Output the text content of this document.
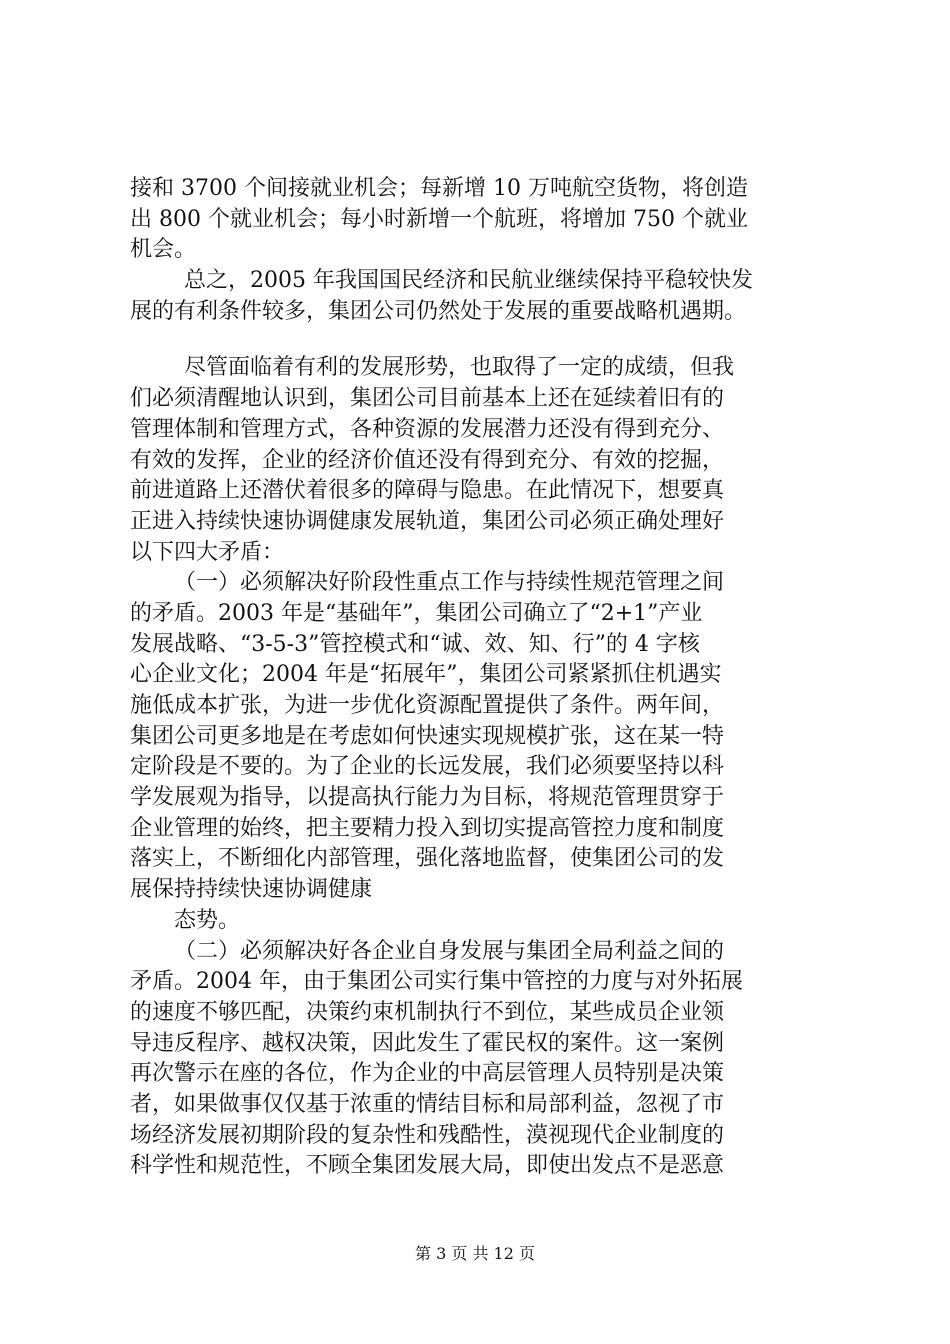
接和 3700 个间接就业机会；每新增 10 万吨航空货物，将创造
出 800 个就业机会；每小时新增一个航班，将增加 750 个就业
机会。
总之，2005 年我国国民经济和民航业继续保持平稳较快发
展的有利条件较多，集团公司仍然处于发展的重要战略机遇期。
尽管面临着有利的发展形势，也取得了一定的成绩，但我
们必须清醒地认识到，集团公司目前基本上还在延续着旧有的
管理体制和管理方式，各种资源的发展潜力还没有得到充分、
有效的发挥，企业的经济价值还没有得到充分、有效的挖掘，
前进道路上还潜伏着很多的障碍与隐患。在此情况下，想要真
正进入持续快速协调健康发展轨道，集团公司必须正确处理好
以下四大矛盾：
（一）必须解决好阶段性重点工作与持续性规范管理之间
的矛盾。2003 年是“基础年”，集团公司确立了“2+1”产业
发展战略、“3-5-3”管控模式和“诚、效、知、行”的 4 字核
心企业文化；2004 年是“拓展年”，集团公司紧紧抓住机遇实
施低成本扩张，为进一步优化资源配置提供了条件。两年间，
集团公司更多地是在考虑如何快速实现规模扩张，这在某一特
定阶段是不要的。为了企业的长远发展，我们必须要坚持以科
学发展观为指导，以提高执行能力为目标，将规范管理贯穿于
企业管理的始终，把主要精力投入到切实提高管控力度和制度
落实上，不断细化内部管理，强化落地监督，使集团公司的发
展保持持续快速协调健康
态势。
（二）必须解决好各企业自身发展与集团全局利益之间的
矛盾。2004 年，由于集团公司实行集中管控的力度与对外拓展
的速度不够匹配，决策约束机制执行不到位，某些成员企业领
导违反程序、越权决策，因此发生了霍民权的案件。这一案例
再次警示在座的各位，作为企业的中高层管理人员特别是决策
者，如果做事仅仅基于浓重的情结目标和局部利益，忽视了市
场经济发展初期阶段的复杂性和残酷性，漠视现代企业制度的
科学性和规范性，不顾全集团发展大局，即使出发点不是恶意
第 3 页 共 12 页
